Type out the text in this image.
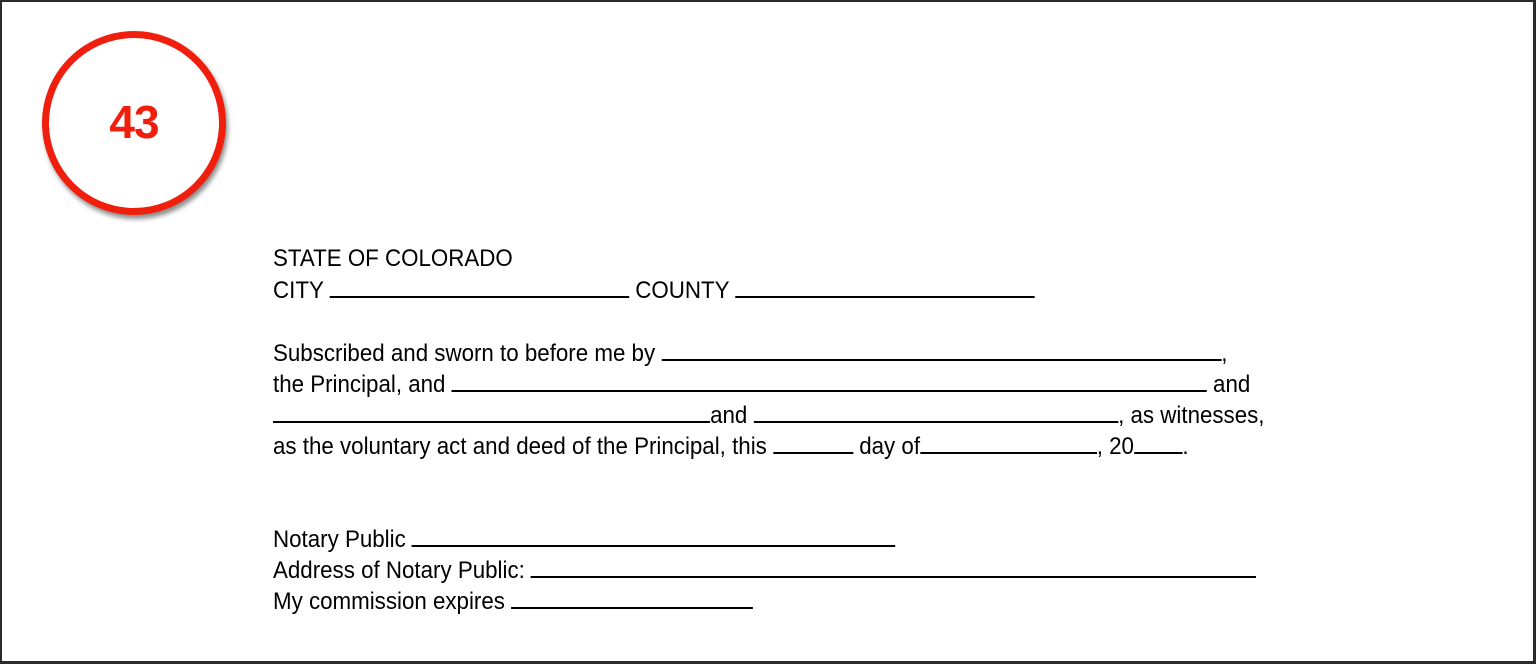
43
STATE OF COLORADO
CITY	COUNTY
Subscribed and sworn to before me by	,
the Principal, and	and
and	, as witnesses,
as the voluntary act and deed of the Principal, this	day of	, 20 .
Notary Public
Address of Notary Public:
My commission expires
